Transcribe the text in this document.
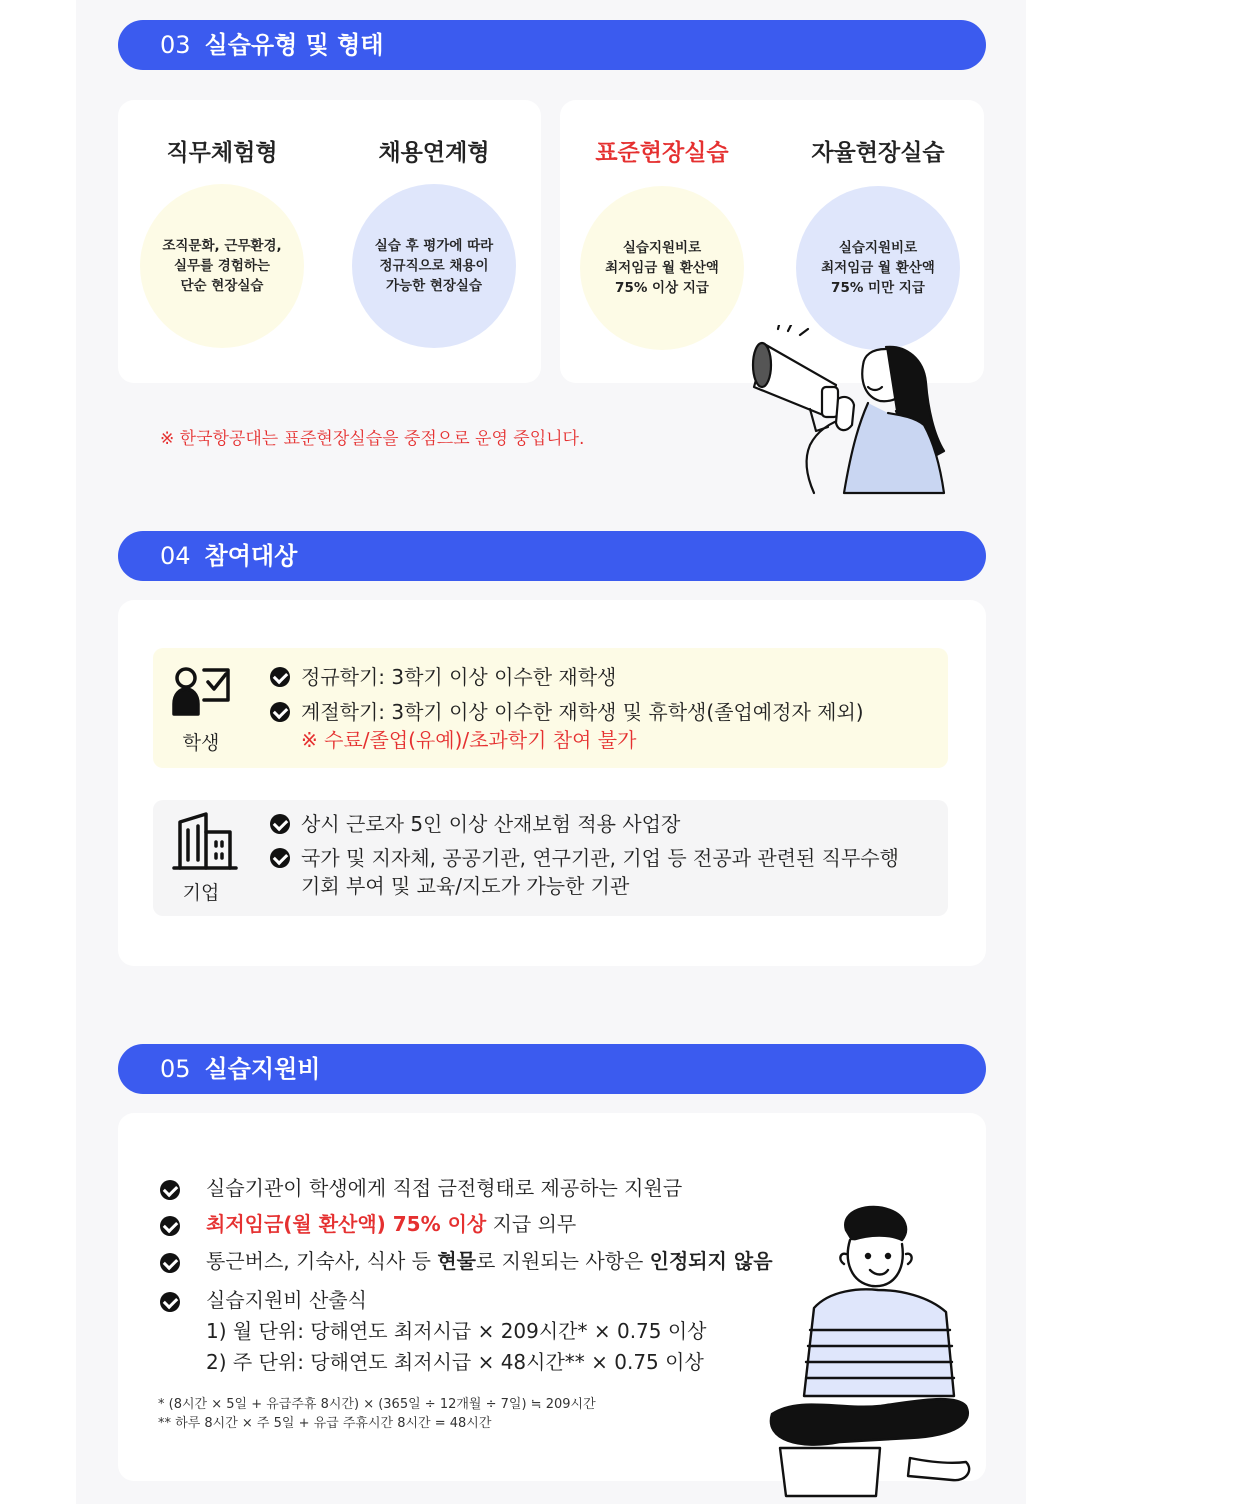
03 실습유형 및 형태
직무체험형	채용연계형	표준현장실습	자율현장실습
조직문화, 근무환경,
실무를 경험하는
단순 현장실습
실습 후 평가에 따라
정규직으로 채용이
가능한 현장실습
실습지원비로
최저임금 월 환산액
75% 이상 지급
실습지원비로
최저임금 월 환산액
75% 미만 지급
※ 한국항공대는 표준현장실습을 중점으로 운영 중입니다.
04 참여대상
학생
정규학기: 3학기 이상 이수한 재학생
계절학기: 3학기 이상 이수한 재학생 및 휴학생(졸업예정자 제외)
※ 수료/졸업(유예)/초과학기 참여 불가
기업
상시 근로자 5인 이상 산재보험 적용 사업장
국가 및 지자체, 공공기관, 연구기관, 기업 등 전공과 관련된 직무수행
기회 부여 및 교육/지도가 가능한 기관
05 실습지원비
실습기관이 학생에게 직접 금전형태로 제공하는 지원금
최저임금(월 환산액) 75% 이상 지급 의무
통근버스, 기숙사, 식사 등 현물로 지원되는 사항은 인정되지 않음
실습지원비 산출식
1) 월 단위: 당해연도 최저시급 × 209시간* × 0.75 이상
2) 주 단위: 당해연도 최저시급 × 48시간** × 0.75 이상
* (8시간 × 5일 + 유급주휴 8시간) × (365일 ÷ 12개월 ÷ 7일) ≒ 209시간
** 하루 8시간 × 주 5일 + 유급 주휴시간 8시간 = 48시간
